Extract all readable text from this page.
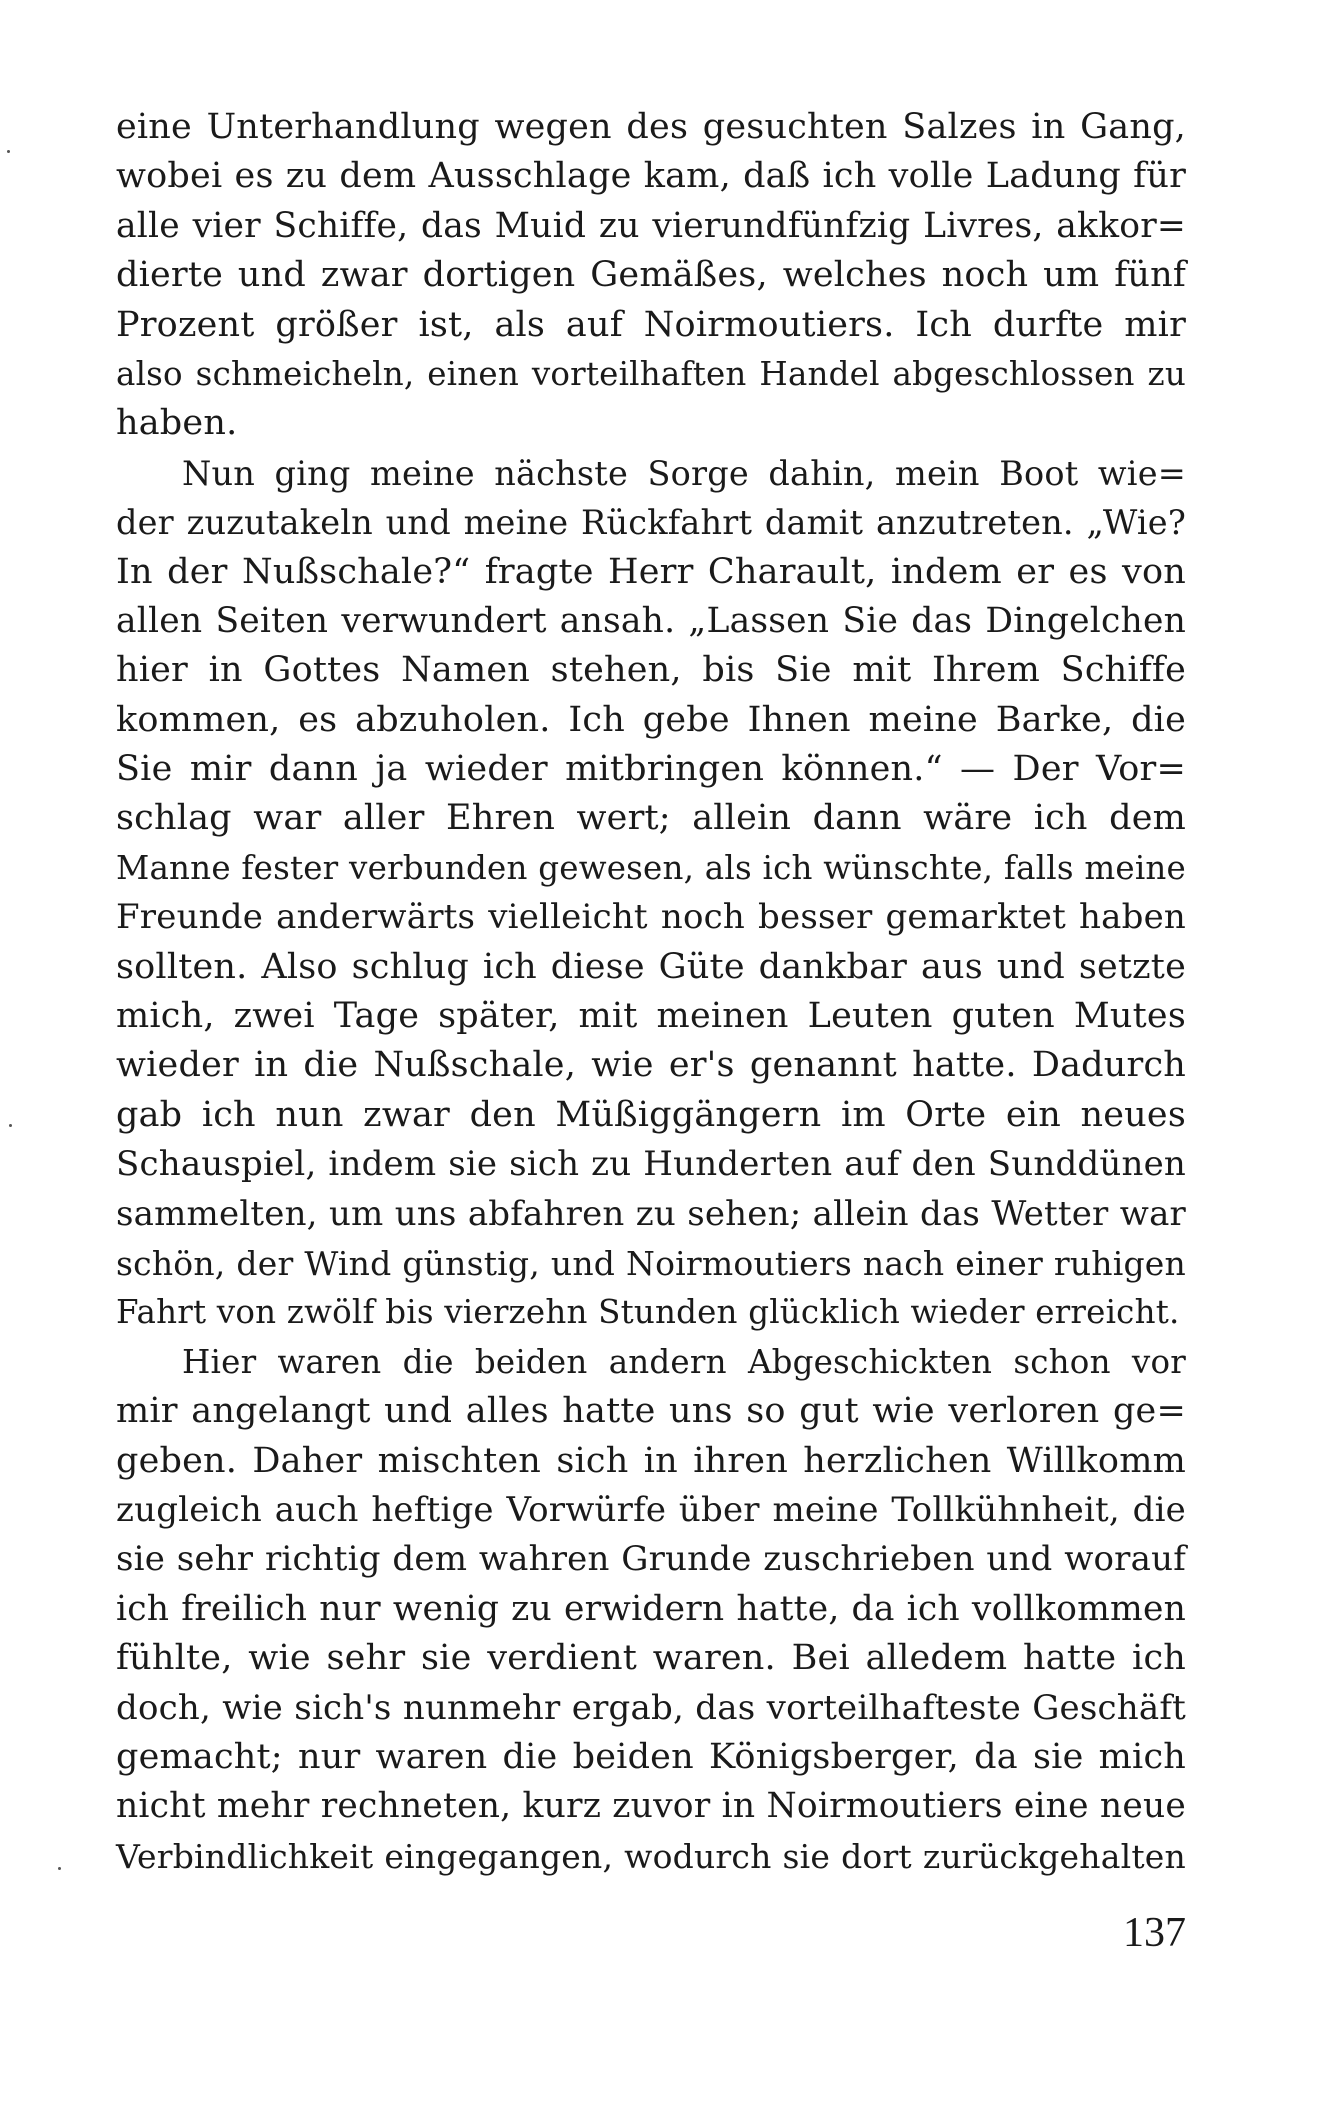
eine Unterhandlung wegen des gesuchten Salzes in Gang,
wobei es zu dem Ausschlage kam, daß ich volle Ladung für
alle vier Schiffe, das Muid zu vierundfünfzig Livres, akkor=
dierte und zwar dortigen Gemäßes, welches noch um fünf
Prozent größer ist, als auf Noirmoutiers. Ich durfte mir
also schmeicheln, einen vorteilhaften Handel abgeschlossen zu
haben.
Nun ging meine nächste Sorge dahin, mein Boot wie=
der zuzutakeln und meine Rückfahrt damit anzutreten. „Wie?
In der Nußschale?“ fragte Herr Charault, indem er es von
allen Seiten verwundert ansah. „Lassen Sie das Dingelchen
hier in Gottes Namen stehen, bis Sie mit Ihrem Schiffe
kommen, es abzuholen. Ich gebe Ihnen meine Barke, die
Sie mir dann ja wieder mitbringen können.“ — Der Vor=
schlag war aller Ehren wert; allein dann wäre ich dem
Manne fester verbunden gewesen, als ich wünschte, falls meine
Freunde anderwärts vielleicht noch besser gemarktet haben
sollten. Also schlug ich diese Güte dankbar aus und setzte
mich, zwei Tage später, mit meinen Leuten guten Mutes
wieder in die Nußschale, wie er's genannt hatte. Dadurch
gab ich nun zwar den Müßiggängern im Orte ein neues
Schauspiel, indem sie sich zu Hunderten auf den Sunddünen
sammelten, um uns abfahren zu sehen; allein das Wetter war
schön, der Wind günstig, und Noirmoutiers nach einer ruhigen
Fahrt von zwölf bis vierzehn Stunden glücklich wieder erreicht.
Hier waren die beiden andern Abgeschickten schon vor
mir angelangt und alles hatte uns so gut wie verloren ge=
geben. Daher mischten sich in ihren herzlichen Willkomm
zugleich auch heftige Vorwürfe über meine Tollkühnheit, die
sie sehr richtig dem wahren Grunde zuschrieben und worauf
ich freilich nur wenig zu erwidern hatte, da ich vollkommen
fühlte, wie sehr sie verdient waren. Bei alledem hatte ich
doch, wie sich's nunmehr ergab, das vorteilhafteste Geschäft
gemacht; nur waren die beiden Königsberger, da sie mich
nicht mehr rechneten, kurz zuvor in Noirmoutiers eine neue
Verbindlichkeit eingegangen, wodurch sie dort zurückgehalten
137
